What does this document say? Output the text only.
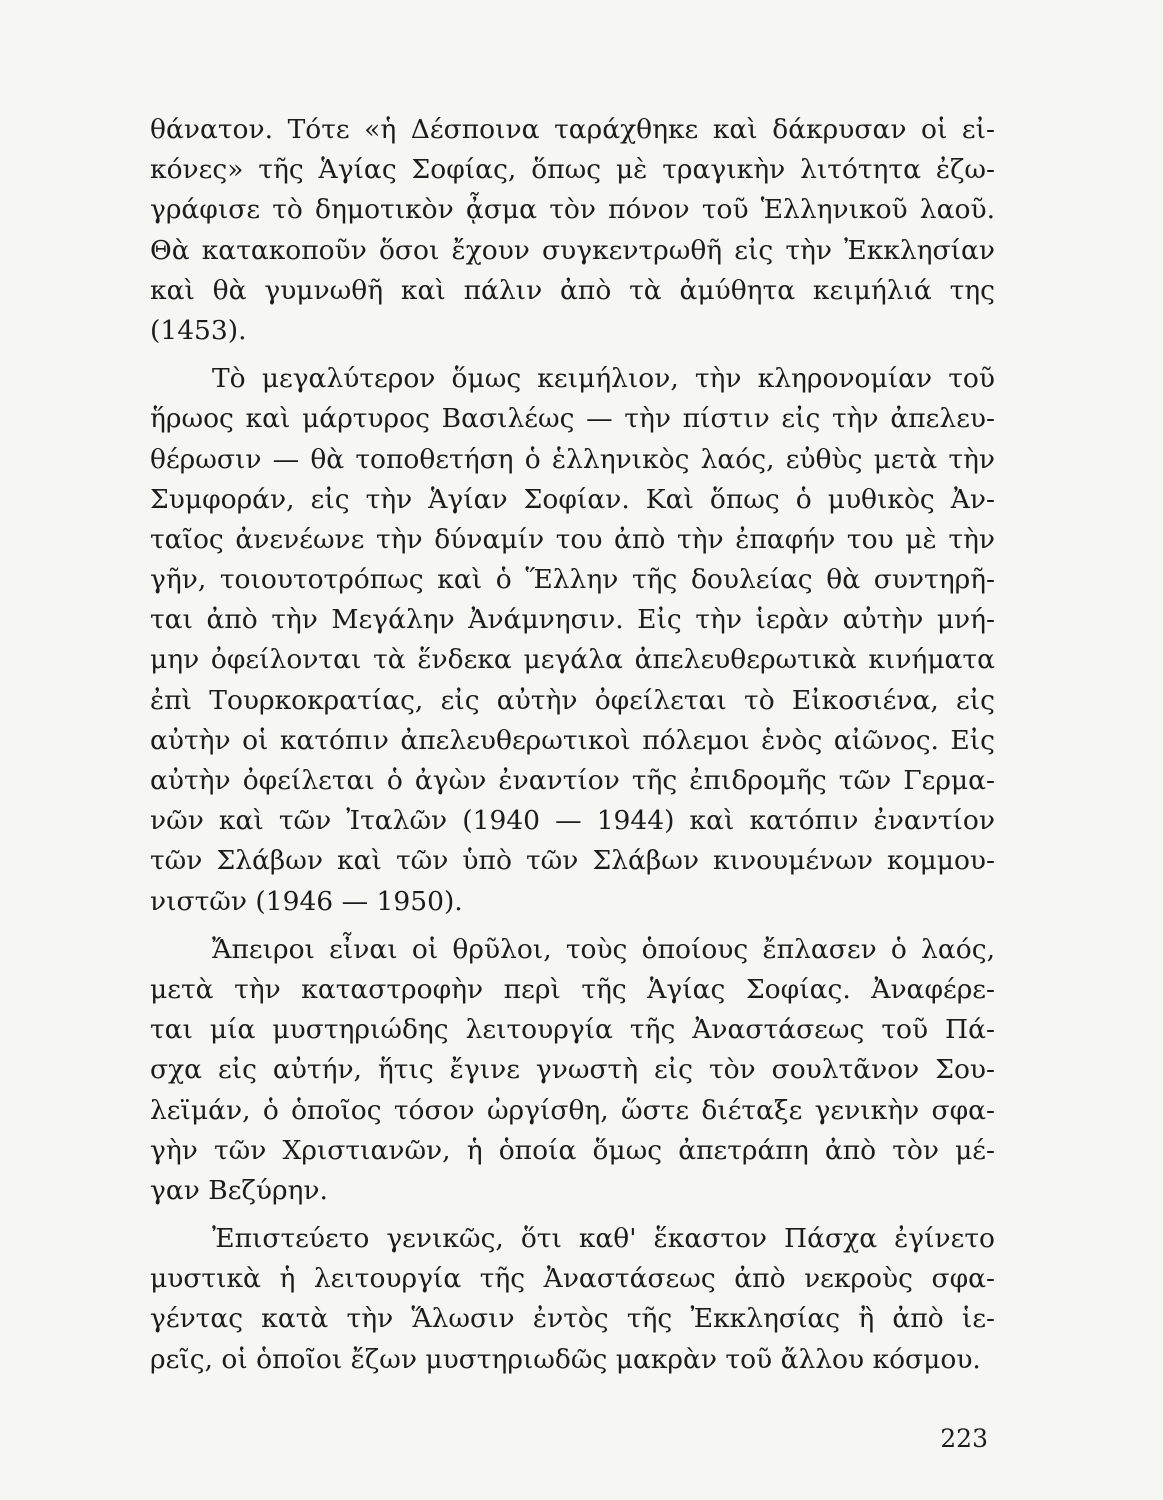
θάνατον. Τότε «ἡ Δέσποινα ταράχθηκε καὶ δάκρυσαν οἱ εἰ-
κόνες» τῆς Ἁγίας Σοφίας, ὅπως μὲ τραγικὴν λιτότητα ἐζω-
γράφισε τὸ δημοτικὸν ᾆσμα τὸν πόνον τοῦ Ἑλληνικοῦ λαοῦ.
Θὰ κατακοποῦν ὅσοι ἔχουν συγκεντρωθῆ εἰς τὴν Ἐκκλησίαν
καὶ θὰ γυμνωθῆ καὶ πάλιν ἀπὸ τὰ ἀμύθητα κειμήλιά της
(1453).
Τὸ μεγαλύτερον ὅμως κειμήλιον, τὴν κληρονομίαν τοῦ
ἥρωος καὶ μάρτυρος Βασιλέως — τὴν πίστιν εἰς τὴν ἀπελευ-
θέρωσιν — θὰ τοποθετήση ὁ ἑλληνικὸς λαός, εὐθὺς μετὰ τὴν
Συμφοράν, εἰς τὴν Ἁγίαν Σοφίαν. Καὶ ὅπως ὁ μυθικὸς Ἀν-
ταῖος ἀνενέωνε τὴν δύναμίν του ἀπὸ τὴν ἐπαφήν του μὲ τὴν
γῆν, τοιουτοτρόπως καὶ ὁ Ἕλλην τῆς δουλείας θὰ συντηρῆ-
ται ἀπὸ τὴν Μεγάλην Ἀνάμνησιν. Εἰς τὴν ἱερὰν αὐτὴν μνή-
μην ὀφείλονται τὰ ἕνδεκα μεγάλα ἀπελευθερωτικὰ κινήματα
ἐπὶ Τουρκοκρατίας, εἰς αὐτὴν ὀφείλεται τὸ Εἰκοσιένα, εἰς
αὐτὴν οἱ κατόπιν ἀπελευθερωτικοὶ πόλεμοι ἑνὸς αἰῶνος. Εἰς
αὐτὴν ὀφείλεται ὁ ἀγὼν ἐναντίον τῆς ἐπιδρομῆς τῶν Γερμα-
νῶν καὶ τῶν Ἰταλῶν (1940 — 1944) καὶ κατόπιν ἐναντίον
τῶν Σλάβων καὶ τῶν ὑπὸ τῶν Σλάβων κινουμένων κομμου-
νιστῶν (1946 — 1950).
Ἄπειροι εἶναι οἱ θρῦλοι, τοὺς ὁποίους ἔπλασεν ὁ λαός,
μετὰ τὴν καταστροφὴν περὶ τῆς Ἁγίας Σοφίας. Ἀναφέρε-
ται μία μυστηριώδης λειτουργία τῆς Ἀναστάσεως τοῦ Πά-
σχα εἰς αὐτήν, ἥτις ἔγινε γνωστὴ εἰς τὸν σουλτᾶνον Σου-
λεϊμάν, ὁ ὁποῖος τόσον ὠργίσθη, ὥστε διέταξε γενικὴν σφα-
γὴν τῶν Χριστιανῶν, ἡ ὁποία ὅμως ἀπετράπη ἀπὸ τὸν μέ-
γαν Βεζύρην.
Ἐπιστεύετο γενικῶς, ὅτι καθ' ἕκαστον Πάσχα ἐγίνετο
μυστικὰ ἡ λειτουργία τῆς Ἀναστάσεως ἀπὸ νεκροὺς σφα-
γέντας κατὰ τὴν Ἅλωσιν ἐντὸς τῆς Ἐκκλησίας ἢ ἀπὸ ἱε-
ρεῖς, οἱ ὁποῖοι ἔζων μυστηριωδῶς μακρὰν τοῦ ἄλλου κόσμου.
223
